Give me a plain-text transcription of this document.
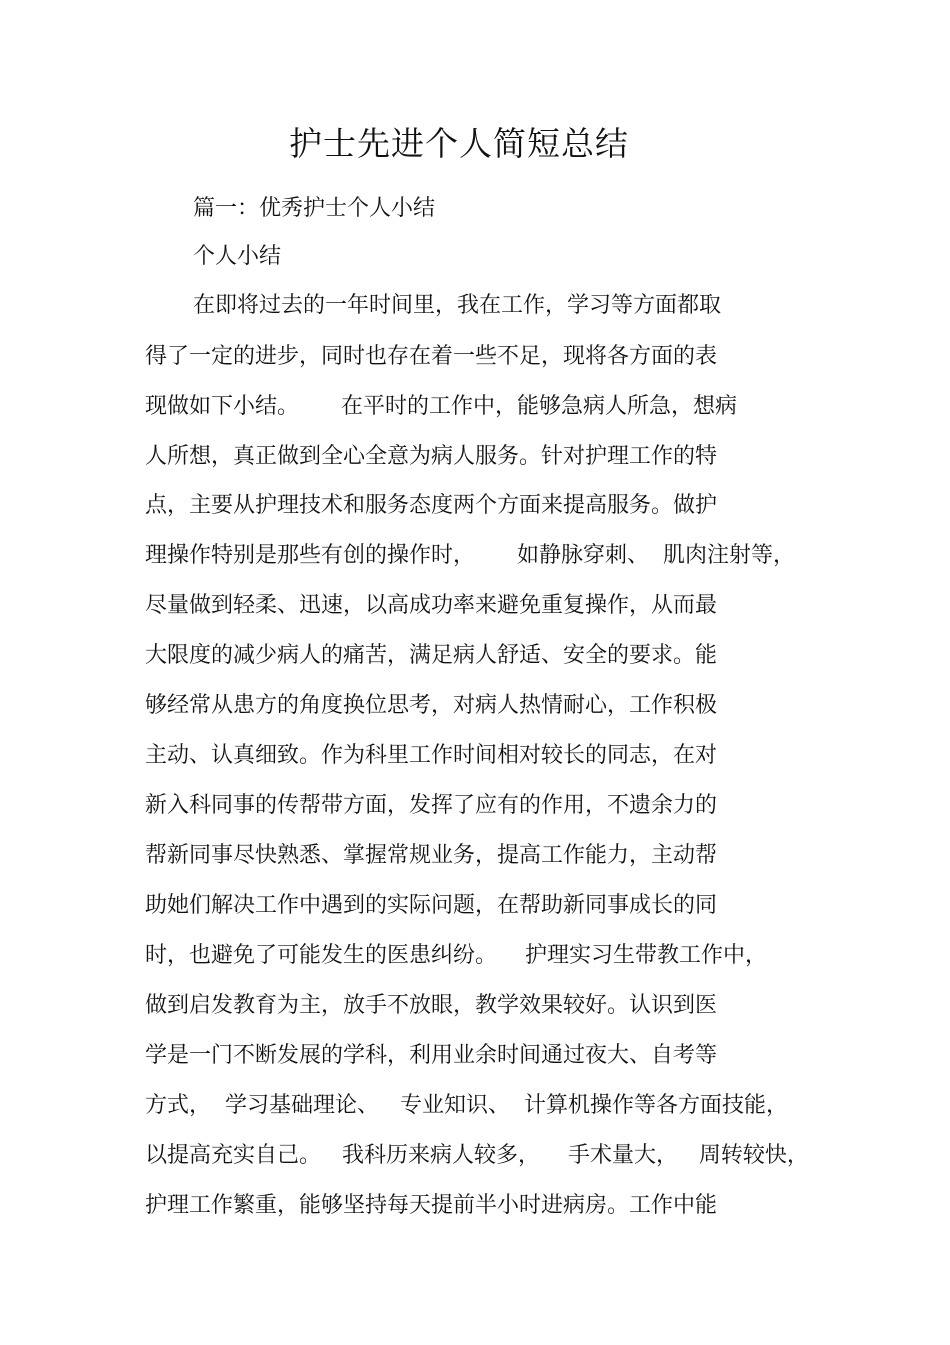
护士先进个人简短总结
篇一：优秀护士个人小结
个人小结
在即将过去的一年时间里，我在工作，学习等方面都取
得了一定的进步，同时也存在着一些不足，现将各方面的表
现做如下小结。      在平时的工作中，能够急病人所急，想病
人所想，真正做到全心全意为病人服务。针对护理工作的特
点，主要从护理技术和服务态度两个方面来提高服务。做护
理操作特别是那些有创的操作时，      如静脉穿刺、  肌肉注射等，
尽量做到轻柔、迅速，以高成功率来避免重复操作，从而最
大限度的减少病人的痛苦，满足病人舒适、安全的要求。能
够经常从患方的角度换位思考，对病人热情耐心，工作积极
主动、认真细致。作为科里工作时间相对较长的同志，在对
新入科同事的传帮带方面，发挥了应有的作用，不遗余力的
帮新同事尽快熟悉、掌握常规业务，提高工作能力，主动帮
助她们解决工作中遇到的实际问题，在帮助新同事成长的同
时，也避免了可能发生的医患纠纷。    护理实习生带教工作中，
做到启发教育为主，放手不放眼，教学效果较好。认识到医
学是一门不断发展的学科，利用业余时间通过夜大、自考等
方式，  学习基础理论、   专业知识、  计算机操作等各方面技能，
以提高充实自己。   我科历来病人较多，    手术量大，   周转较快，
护理工作繁重，能够坚持每天提前半小时进病房。工作中能
